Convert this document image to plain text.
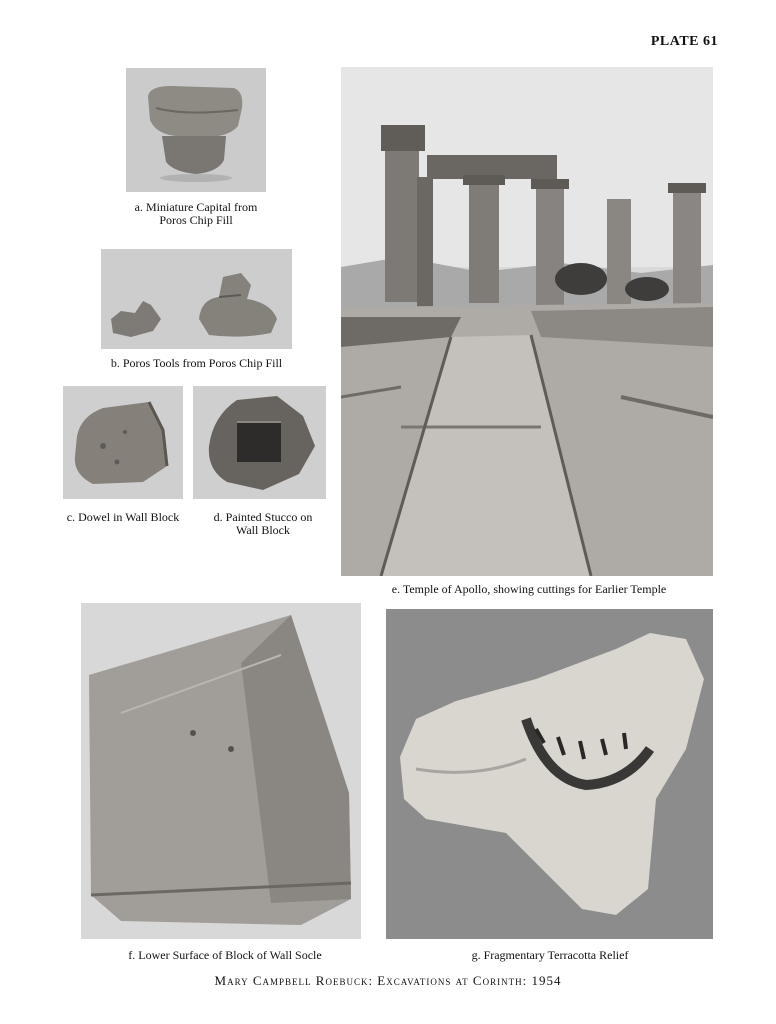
PLATE 61
a. Miniature Capital from
Poros Chip Fill
b. Poros Tools from Poros Chip Fill
c. Dowel in Wall Block	d. Painted Stucco on
Wall Block
e. Temple of Apollo, showing cuttings for Earlier Temple
f. Lower Surface of Block of Wall Socle	g. Fragmentary Terracotta Relief
Mary Campbell Roebuck: Excavations at Corinth: 1954
